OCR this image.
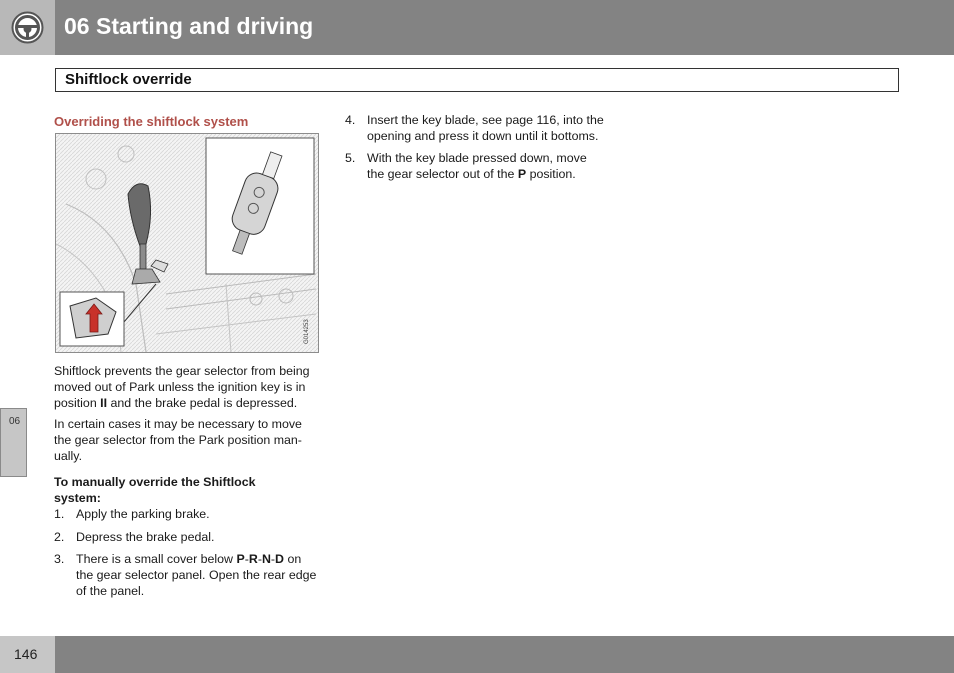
06 Starting and driving
Shiftlock override
06
Overriding the shiftlock system
G014253
Shiftlock prevents the gear selector from being
moved out of Park unless the ignition key is in
position II and the brake pedal is depressed.
In certain cases it may be necessary to move
the gear selector from the Park position man-
ually.
To manually override the Shiftlock
system:
1. Apply the parking brake.
2. Depress the brake pedal.
3. There is a small cover below P-R-N-D on
the gear selector panel. Open the rear edge
of the panel.
4. Insert the key blade, see page 116, into the
opening and press it down until it bottoms.
5. With the key blade pressed down, move
the gear selector out of the P position.
146
